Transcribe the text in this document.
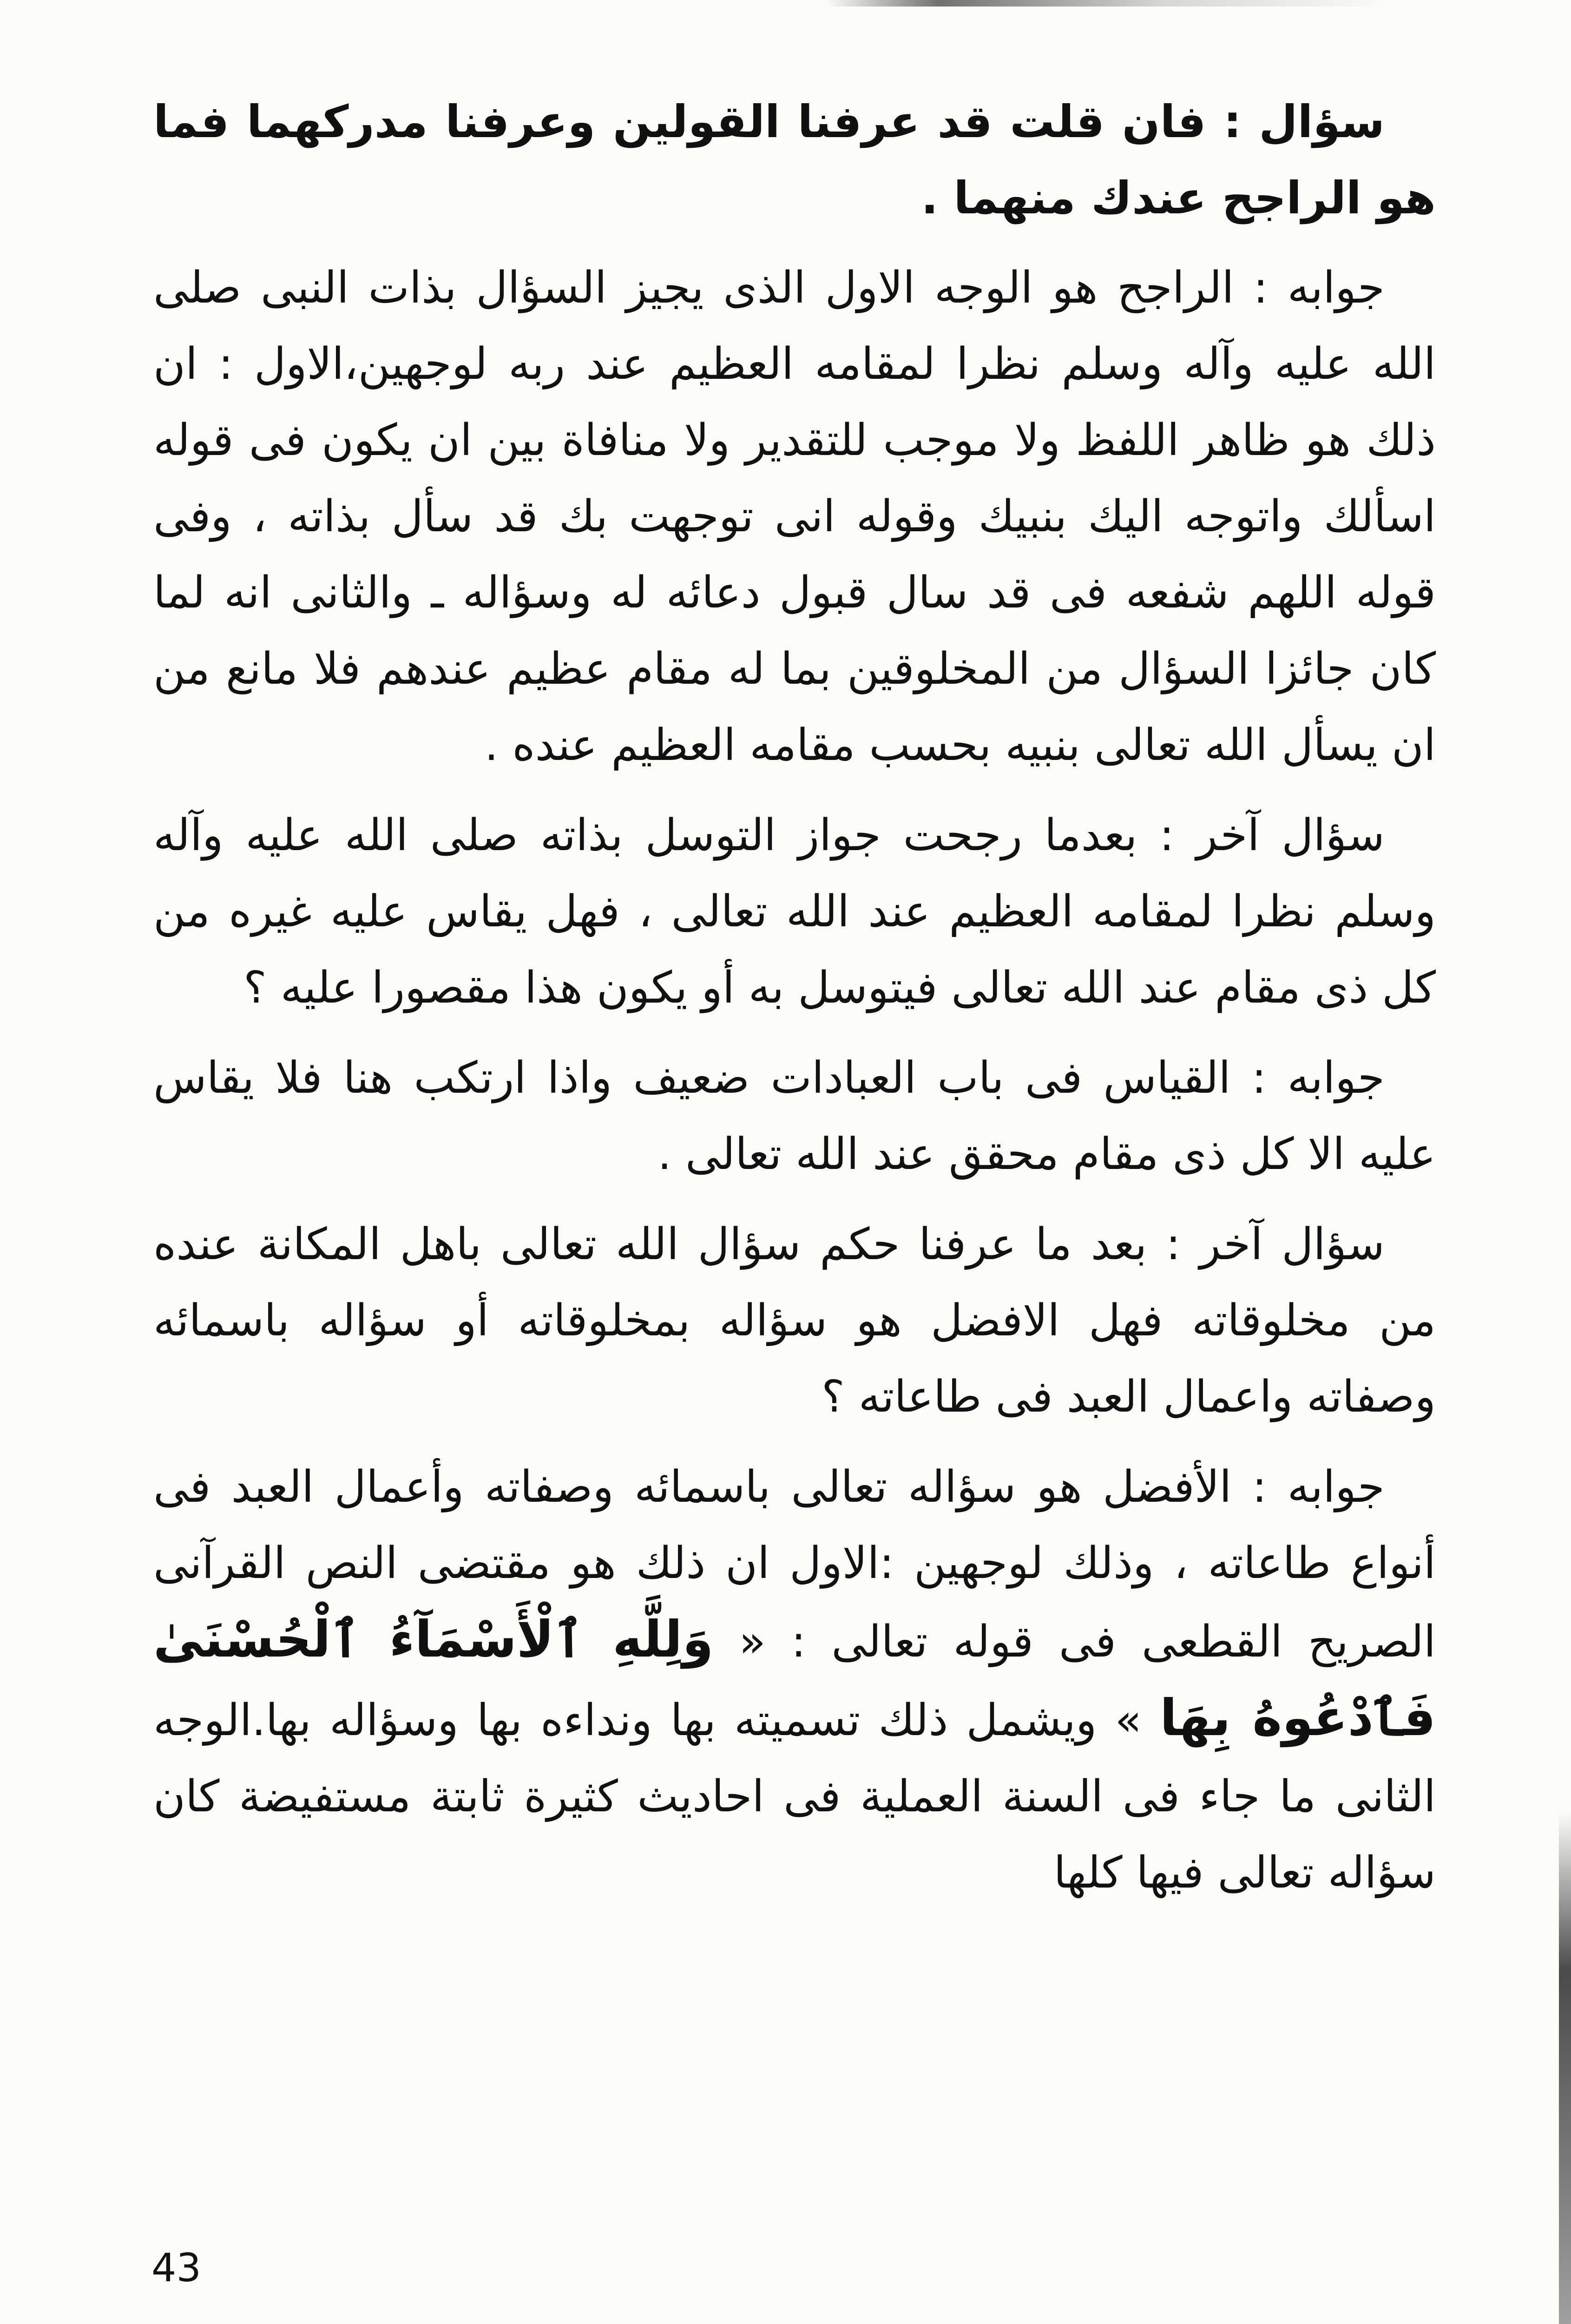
سؤال : فان قلت قد عرفنا القولين وعرفنا مدركهما فما هو الراجح عندك منهما .

جوابه : الراجح هو الوجه الاول الذى يجيز السؤال بذات النبى صلى الله عليه وآله وسلم نظرا لمقامه العظيم عند ربه لوجهين،الاول : ان ذلك هو ظاهر اللفظ ولا موجب للتقدير ولا منافاة بين ان يكون فى قوله اسألك واتوجه اليك بنبيك وقوله انى توجهت بك قد سأل بذاته ، وفى قوله اللهم شفعه فى قد سال قبول دعائه له وسؤاله ـ والثانى انه لما كان جائزا السؤال من المخلوقين بما له مقام عظيم عندهم فلا مانع من ان يسأل الله تعالى بنبيه بحسب مقامه العظيم عنده .

سؤال آخر : بعدما رجحت جواز التوسل بذاته صلى الله عليه وآله وسلم نظرا لمقامه العظيم عند الله تعالى ، فهل يقاس عليه غيره من كل ذى مقام عند الله تعالى فيتوسل به أو يكون هذا مقصورا عليه ؟

جوابه : القياس فى باب العبادات ضعيف واذا ارتكب هنا فلا يقاس عليه الا كل ذى مقام محقق عند الله تعالى .

سؤال آخر : بعد ما عرفنا حكم سؤال الله تعالى باهل المكانة عنده من مخلوقاته فهل الافضل هو سؤاله بمخلوقاته أو سؤاله باسمائه وصفاته واعمال العبد فى طاعاته ؟

جوابه : الأفضل هو سؤاله تعالى باسمائه وصفاته وأعمال العبد فى أنواع طاعاته ، وذلك لوجهين :الاول ان ذلك هو مقتضى النص القرآنى الصريح القطعى فى قوله تعالى : « وَلِلَّهِ ٱلْأَسْمَآءُ ٱلْحُسْنَىٰ فَٱدْعُوهُ بِهَا » ويشمل ذلك تسميته بها ونداءه بها وسؤاله بها.الوجه الثانى ما جاء فى السنة العملية فى احاديث كثيرة ثابتة مستفيضة كان سؤاله تعالى فيها كلها

43
